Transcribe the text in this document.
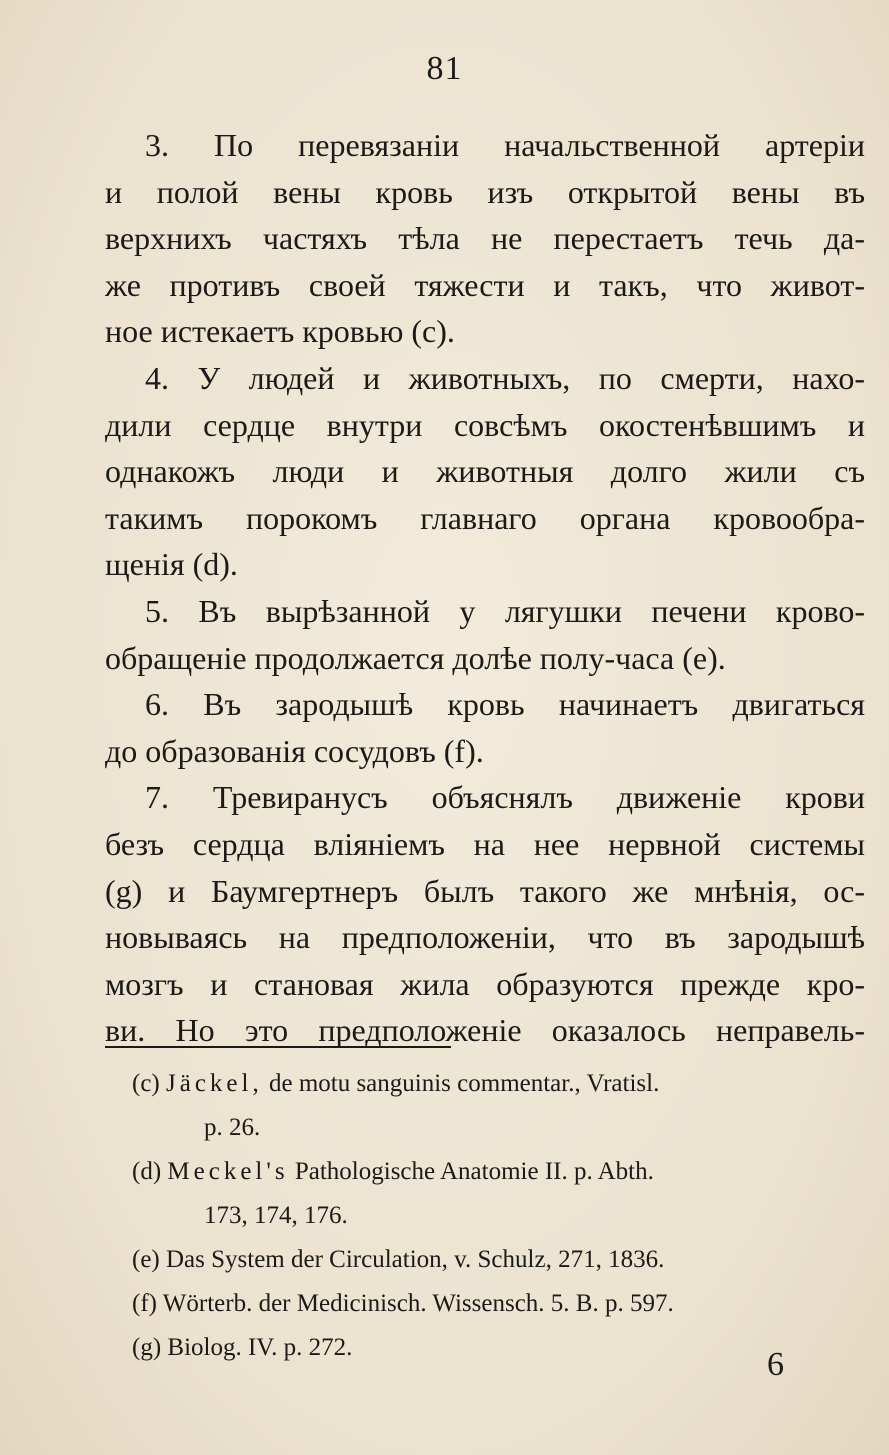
81
3. По перевязаніи начальственной артеріи
и полой вены кровь изъ открытой вены въ
верхнихъ частяхъ тѣла не перестаетъ течь да-
же противъ своей тяжести и такъ, что живот-
ное истекаетъ кровью (с).
4. У людей и животныхъ, по смерти, нахо-
дили сердце внутри совсѣмъ окостенѣвшимъ и
однакожъ люди и животныя долго жили съ
такимъ порокомъ главнаго органа кровообра-
щенія (d).
5. Въ вырѣзанной у лягушки печени крово-
обращеніе продолжается долѣе полу-часа (е).
6. Въ зародышѣ кровь начинаетъ двигаться
до образованія сосудовъ (f).
7. Тревиранусъ объяснялъ движеніе крови
безъ сердца вліяніемъ на нее нервной системы
(g) и Баумгертнеръ былъ такого же мнѣнія, ос-
новываясь на предположеніи, что въ зародышѣ
мозгъ и становая жила образуются прежде кро-
ви. Но это предположеніе оказалось неправель-
(c) Jäckel, de motu sanguinis commentar., Vratisl.
p. 26.
(d) Meckel's Pathologische Anatomie II. p. Abth.
173, 174, 176.
(e) Das System der Circulation, v. Schulz, 271, 1836.
(f) Wörterb. der Medicinisch. Wissensch. 5. B. p. 597.
(g) Biolog. IV. p. 272.	6
